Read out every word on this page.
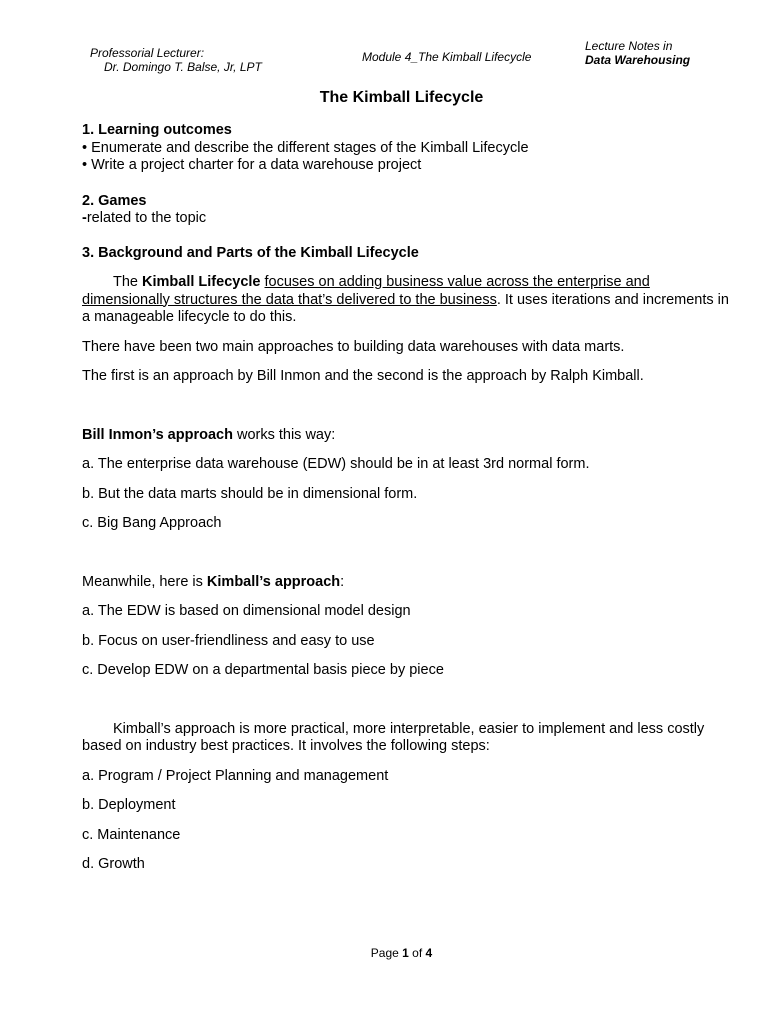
Professorial Lecturer:
Dr. Domingo T. Balse, Jr, LPT
Module 4_The Kimball Lifecycle
Lecture Notes in
Data Warehousing
The Kimball Lifecycle

1. Learning outcomes

• Enumerate and describe the different stages of the Kimball Lifecycle

• Write a project charter for a data warehouse project

2. Games

-related to the topic

3. Background and Parts of the Kimball Lifecycle

The Kimball Lifecycle focuses on adding business value across the enterprise and dimensionally structures the data that’s delivered to the business. It uses iterations and increments in a manageable lifecycle to do this.

There have been two main approaches to building data warehouses with data marts.

The first is an approach by Bill Inmon and the second is the approach by Ralph Kimball.

Bill Inmon’s approach works this way:

a. The enterprise data warehouse (EDW) should be in at least 3rd normal form.

b. But the data marts should be in dimensional form.

c. Big Bang Approach

Meanwhile, here is Kimball’s approach:

a. The EDW is based on dimensional model design

b. Focus on user-friendliness and easy to use

c. Develop EDW on a departmental basis piece by piece

Kimball’s approach is more practical, more interpretable, easier to implement and less costly based on industry best practices. It involves the following steps:

a. Program / Project Planning and management

b. Deployment

c. Maintenance

d. Growth

Page 1 of 4
